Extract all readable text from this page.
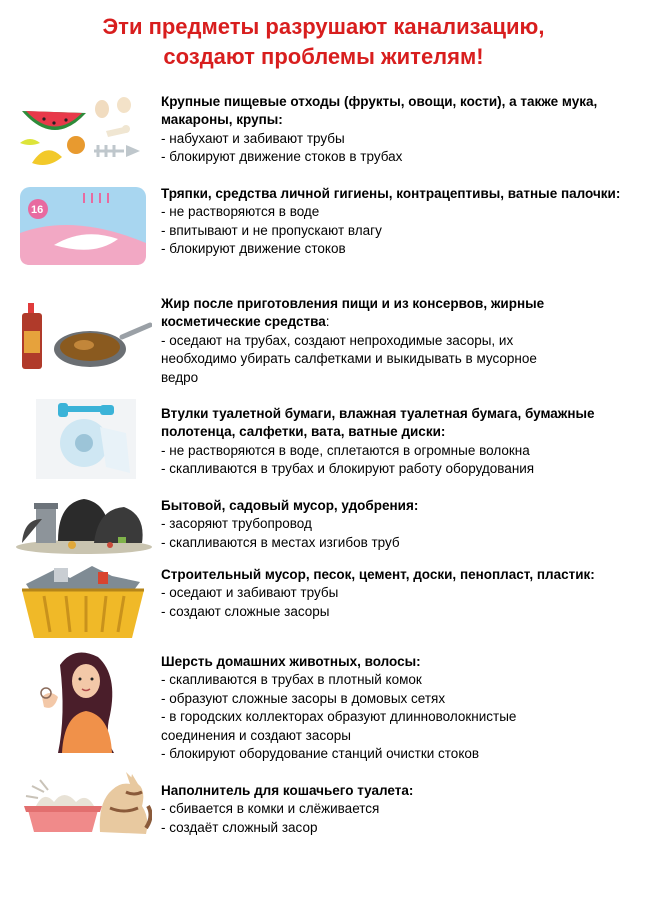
Эти предметы разрушают канализацию,
создают проблемы жителям!
Крупные пищевые отходы (фрукты, овощи, кости), а также мука, макароны, крупы:
- набухают и забивают трубы
- блокируют движение стоков в трубах
16
Тряпки, средства личной гигиены, контрацептивы, ватные палочки:
- не растворяются в воде
- впитывают и не пропускают влагу
- блокируют движение стоков
Жир после приготовления пищи и из консервов, жирные косметические средства:
- оседают на трубах, создают непроходимые засоры, их
необходимо убирать салфетками и выкидывать в мусорное
ведро
Втулки туалетной бумаги, влажная туалетная бумага, бумажные полотенца, салфетки, вата, ватные диски:
- не растворяются в воде, сплетаются в огромные волокна
- скапливаются в трубах и блокируют работу оборудования
Бытовой, садовый мусор, удобрения:
- засоряют трубопровод
- скапливаются в местах изгибов труб
Строительный мусор, песок, цемент, доски, пенопласт, пластик:
- оседают и забивают трубы
- создают сложные засоры
Шерсть домашних животных, волосы:
- скапливаются в трубах в плотный комок
- образуют сложные засоры в домовых сетях
- в городских коллекторах образуют длинноволокнистые
соединения и создают засоры
- блокируют оборудование станций очистки стоков
Наполнитель для кошачьего туалета:
- сбивается в комки и слёживается
- создаёт сложный засор
